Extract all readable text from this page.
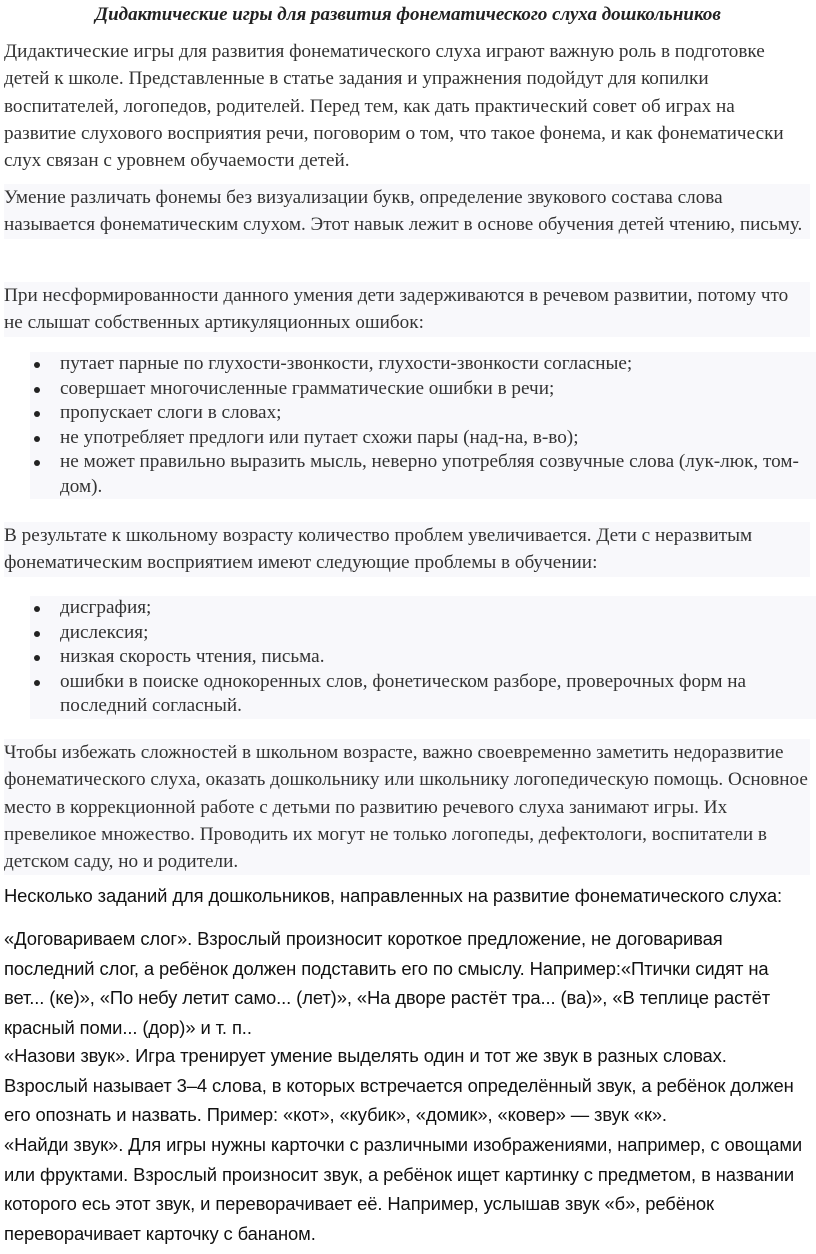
Дидактические игры для развития фонематического слуха дошкольников

Дидактические игры для развития фонематического слуха играют важную роль в подготовке детей к школе. Представленные в статье задания и упражнения подойдут для копилки воспитателей, логопедов, родителей. Перед тем, как дать практический совет об играх на развитие слухового восприятия речи, поговорим о том, что такое фонема, и как фонематически слух связан с уровнем обучаемости детей.

Умение различать фонемы без визуализации букв, определение звукового состава слова называется фонематическим слухом. Этот навык лежит в основе обучения детей чтению, письму.

При несформированности данного умения дети задерживаются в речевом развитии, потому что не слышат собственных артикуляционных ошибок:

путает парные по глухости-звонкости, глухости-звонкости согласные;
совершает многочисленные грамматические ошибки в речи;
пропускает слоги в словах;
не употребляет предлоги или путает схожи пары (над-на, в-во);
не может правильно выразить мысль, неверно употребляя созвучные слова (лук-люк, том-дом).

В результате к школьному возрасту количество проблем увеличивается. Дети с неразвитым фонематическим восприятием имеют следующие проблемы в обучении:

дисграфия;
дислексия;
низкая скорость чтения, письма.
ошибки в поиске однокоренных слов, фонетическом разборе, проверочных форм на последний согласный.

Чтобы избежать сложностей в школьном возрасте, важно своевременно заметить недоразвитие фонематического слуха, оказать дошкольнику или школьнику логопедическую помощь. Основное место в коррекционной работе с детьми по развитию речевого слуха занимают игры. Их превеликое множество. Проводить их могут не только логопеды, дефектологи, воспитатели в детском саду, но и родители.

Несколько заданий для дошкольников, направленных на развитие фонематического слуха:

«Договариваем слог». Взрослый произносит короткое предложение, не договаривая последний слог, а ребёнок должен подставить его по смыслу. Например:«Птички сидят на вет... (ке)», «По небу летит само... (лет)», «На дворе растёт тра... (ва)», «В теплице растёт красный поми... (дор)» и т. п..

«Назови звук». Игра тренирует умение выделять один и тот же звук в разных словах. Взрослый называет 3–4 слова, в которых встречается определённый звук, а ребёнок должен его опознать и назвать. Пример: «кот», «кубик», «домик», «ковер» — звук «к».

«Найди звук». Для игры нужны карточки с различными изображениями, например, с овощами или фруктами. Взрослый произносит звук, а ребёнок ищет картинку с предметом, в названии которого есь этот звук, и переворачивает её. Например, услышав звук «б», ребёнок переворачивает карточку с бананом.
